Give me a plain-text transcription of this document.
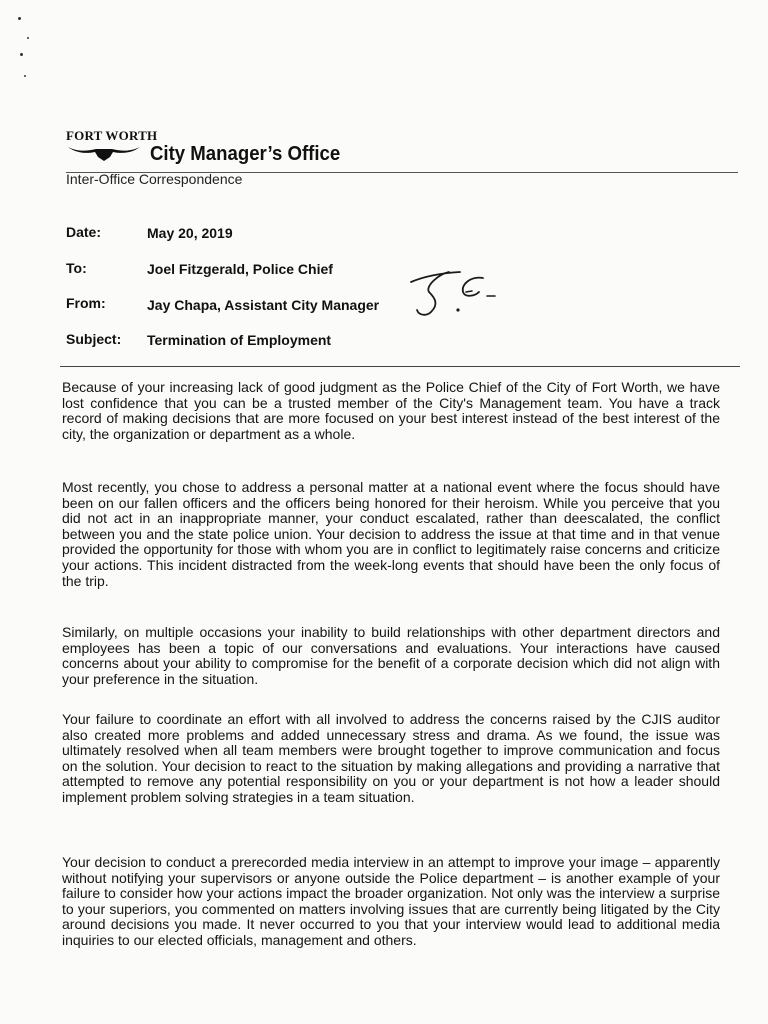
FORT WORTH
City Manager’s Office
Inter-Office Correspondence
Date:	May 20, 2019
To:	Joel Fitzgerald, Police Chief
From:	Jay Chapa, Assistant City Manager
Subject: Termination of Employment

Because of your increasing lack of good judgment as the Police Chief of the City of Fort Worth, we have lost confidence that you can be a trusted member of the City's Management team. You have a track record of making decisions that are more focused on your best interest instead of the best interest of the city, the organization or department as a whole.

Most recently, you chose to address a personal matter at a national event where the focus should have been on our fallen officers and the officers being honored for their heroism. While you perceive that you did not act in an inappropriate manner, your conduct escalated, rather than deescalated, the conflict between you and the state police union. Your decision to address the issue at that time and in that venue provided the opportunity for those with whom you are in conflict to legitimately raise concerns and criticize your actions. This incident distracted from the week-long events that should have been the only focus of the trip.

Similarly, on multiple occasions your inability to build relationships with other department directors and employees has been a topic of our conversations and evaluations. Your interactions have caused concerns about your ability to compromise for the benefit of a corporate decision which did not align with your preference in the situation.

Your failure to coordinate an effort with all involved to address the concerns raised by the CJIS auditor also created more problems and added unnecessary stress and drama. As we found, the issue was ultimately resolved when all team members were brought together to improve communication and focus on the solution. Your decision to react to the situation by making allegations and providing a narrative that attempted to remove any potential responsibility on you or your department is not how a leader should implement problem solving strategies in a team situation.

Your decision to conduct a prerecorded media interview in an attempt to improve your image – apparently without notifying your supervisors or anyone outside the Police department – is another example of your failure to consider how your actions impact the broader organization. Not only was the interview a surprise to your superiors, you commented on matters involving issues that are currently being litigated by the City around decisions you made. It never occurred to you that your interview would lead to additional media inquiries to our elected officials, management and others.
